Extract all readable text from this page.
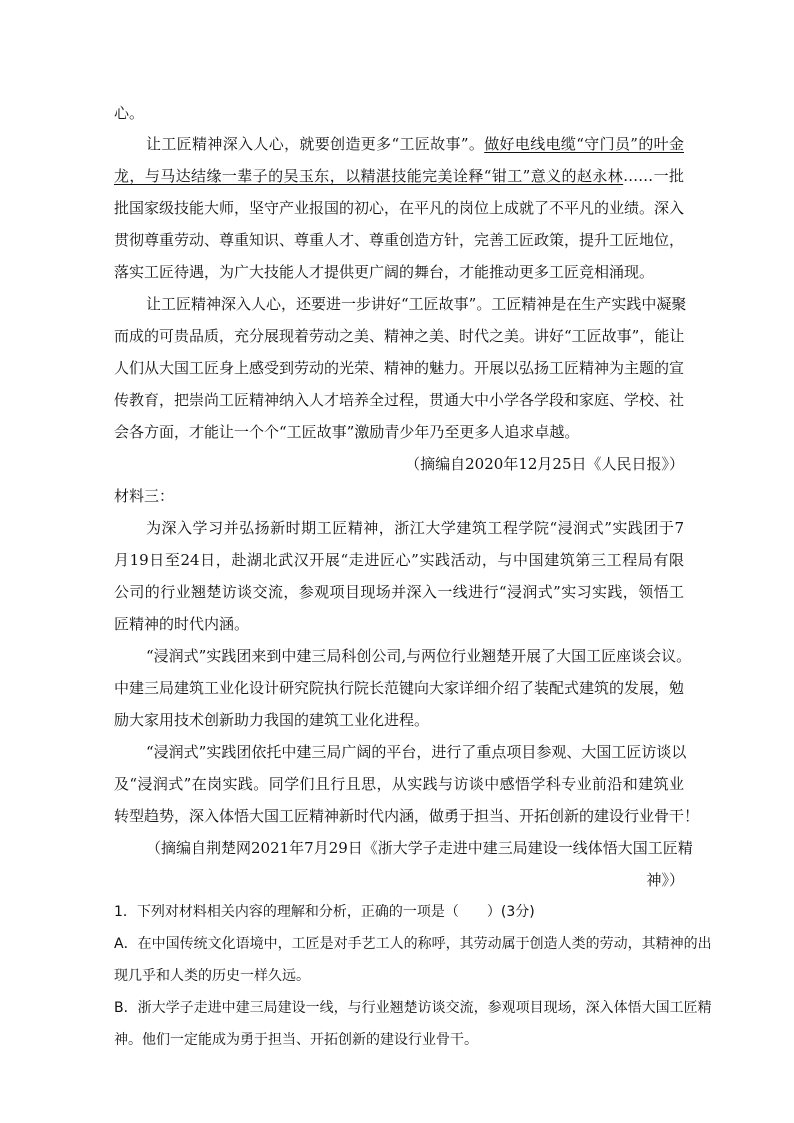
心。
让工匠精神深入人心，就要创造更多“工匠故事”。做好电线电缆“守门员”的叶金
龙，与马达结缘一辈子的吴玉东，以精湛技能完美诠释“钳工”意义的赵永林……一批
批国家级技能大师，坚守产业报国的初心，在平凡的岗位上成就了不平凡的业绩。深入
贯彻尊重劳动、尊重知识、尊重人才、尊重创造方针，完善工匠政策，提升工匠地位，
落实工匠待遇，为广大技能人才提供更广阔的舞台，才能推动更多工匠竞相涌现。
让工匠精神深入人心，还要进一步讲好“工匠故事”。工匠精神是在生产实践中凝聚
而成的可贵品质，充分展现着劳动之美、精神之美、时代之美。讲好“工匠故事”，能让
人们从大国工匠身上感受到劳动的光荣、精神的魅力。开展以弘扬工匠精神为主题的宣
传教育，把崇尚工匠精神纳入人才培养全过程，贯通大中小学各学段和家庭、学校、社
会各方面，才能让一个个“工匠故事”激励青少年乃至更多人追求卓越。
（摘编自2020年12月25日《人民日报》）
材料三：
为深入学习并弘扬新时期工匠精神，浙江大学建筑工程学院“浸润式”实践团于7
月19日至24日，赴湖北武汉开展“走进匠心”实践活动，与中国建筑第三工程局有限
公司的行业翘楚访谈交流，参观项目现场并深入一线进行“浸润式”实习实践，领悟工
匠精神的时代内涵。
“浸润式”实践团来到中建三局科创公司,与两位行业翘楚开展了大国工匠座谈会议。
中建三局建筑工业化设计研究院执行院长范键向大家详细介绍了装配式建筑的发展，勉
励大家用技术创新助力我国的建筑工业化进程。
“浸润式”实践团依托中建三局广阔的平台，进行了重点项目参观、大国工匠访谈以
及“浸润式”在岗实践。同学们且行且思，从实践与访谈中感悟学科专业前沿和建筑业
转型趋势，深入体悟大国工匠精神新时代内涵，做勇于担当、开拓创新的建设行业骨干！
（摘编自荆楚网2021年7月29日《浙大学子走进中建三局建设一线体悟大国工匠精
神》）
1．下列对材料相关内容的理解和分析，正确的一项是（　　）(3分)
A．在中国传统文化语境中，工匠是对手艺工人的称呼，其劳动属于创造人类的劳动，其精神的出
现几乎和人类的历史一样久远。
B．浙大学子走进中建三局建设一线，与行业翘楚访谈交流，参观项目现场，深入体悟大国工匠精
神。他们一定能成为勇于担当、开拓创新的建设行业骨干。
